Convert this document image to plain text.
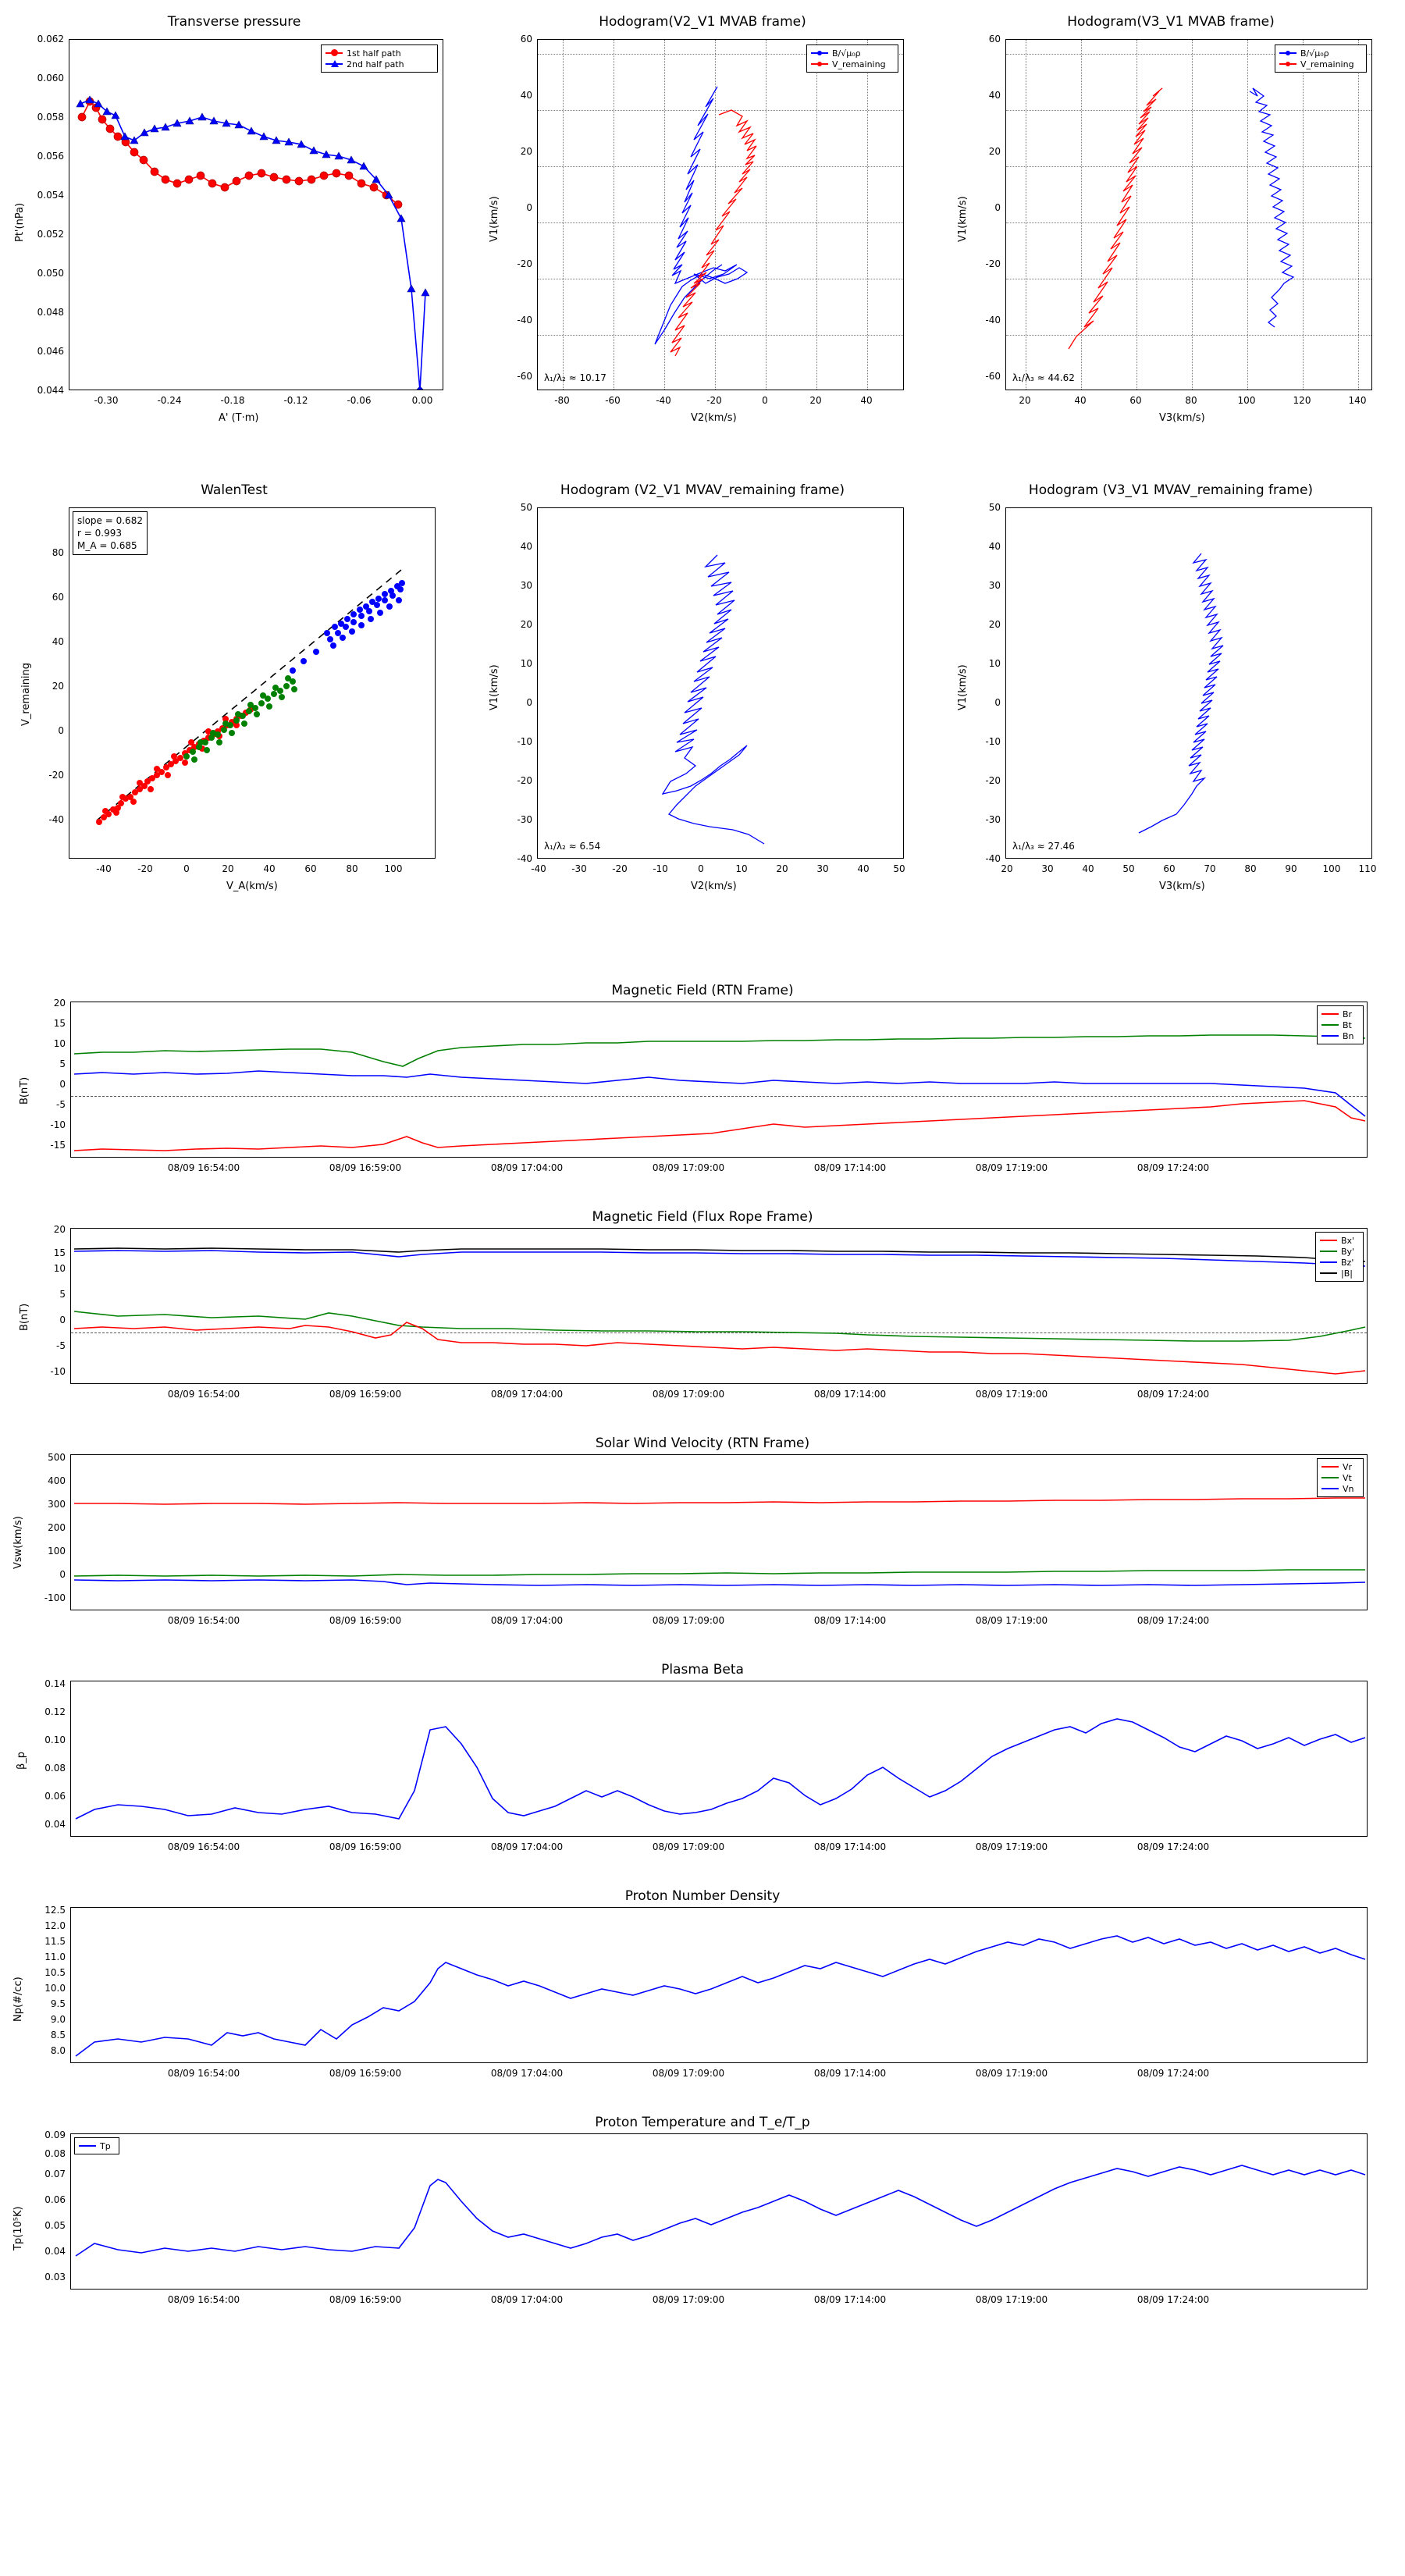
Transverse pressure
1st half path
2nd half path
0.044
0.046
0.048
0.050
0.052
0.054
0.056
0.058
0.060
0.062
-0.30	-0.24	-0.18	-0.12	-0.06	0.00
A' (T·m)
Pt'(nPa)
Hodogram(V2_V1 MVAB frame)
B/√μ₀ρ
V_remaining
λ₁/λ₂ ≈ 10.17
-60
-40
-20
0
20
40
60
-80	-60	-40	-20	0	20	40
V2(km/s)
V1(km/s)
Hodogram(V3_V1 MVAB frame)
B/√μ₀ρ
V_remaining
λ₁/λ₃ ≈ 44.62
-60
-40
-20
0
20
40
60
20	40	60	80	100	120	140
V3(km/s)
V1(km/s)
WalenTest
slope = 0.682
r = 0.993
M_A = 0.685
-40
-20
0
20
40
60
80
-40	-20	0	20	40	60	80	100
V_A(km/s)
V_remaining
Hodogram (V2_V1 MVAV_remaining frame)
λ₁/λ₂ ≈ 6.54
-40
-30
-20
-10
0
10
20
30
40
50
-40	-30	-20	-10	0	10	20	30	40	50
V2(km/s)
V1(km/s)
Hodogram (V3_V1 MVAV_remaining frame)
λ₁/λ₃ ≈ 27.46
-40
-30
-20
-10
0
10
20
30
40
50
20	30	40	50	60	70	80	90	100 110
V3(km/s)
V1(km/s)
Magnetic Field (RTN Frame)
Br
Bt
Bn
-15
-10
-5
0
5
10
15
20
B(nT)
08/09 16:54:00	08/09 16:59:00	08/09 17:04:00	08/09 17:09:00	08/09 17:14:00	08/09 17:19:00	08/09 17:24:00
Magnetic Field (Flux Rope Frame)
Bx'
By'
Bz'
|B|
-10
-5
0
5
10
15
20
B(nT)
08/09 16:54:00	08/09 16:59:00	08/09 17:04:00	08/09 17:09:00	08/09 17:14:00	08/09 17:19:00	08/09 17:24:00
Solar Wind Velocity (RTN Frame)
Vr
Vt
Vn
-100
0
100
200
300
400
500
Vsw(km/s)
08/09 16:54:00	08/09 16:59:00	08/09 17:04:00	08/09 17:09:00	08/09 17:14:00	08/09 17:19:00	08/09 17:24:00
Plasma Beta
0.04
0.06
0.08
0.10
0.12
0.14
β_p
08/09 16:54:00	08/09 16:59:00	08/09 17:04:00	08/09 17:09:00	08/09 17:14:00	08/09 17:19:00	08/09 17:24:00
Proton Number Density
8.0
8.5
9.0
9.5
10.0
10.5
11.0
11.5
12.0
12.5
Np(#/cc)
08/09 16:54:00	08/09 16:59:00	08/09 17:04:00	08/09 17:09:00	08/09 17:14:00	08/09 17:19:00	08/09 17:24:00
Proton Temperature and T_e/T_p
Tp
0.03
0.04
0.05
0.06
0.07
0.08
0.09
Tp(10⁵K)
08/09 16:54:00	08/09 16:59:00	08/09 17:04:00	08/09 17:09:00	08/09 17:14:00	08/09 17:19:00	08/09 17:24:00
